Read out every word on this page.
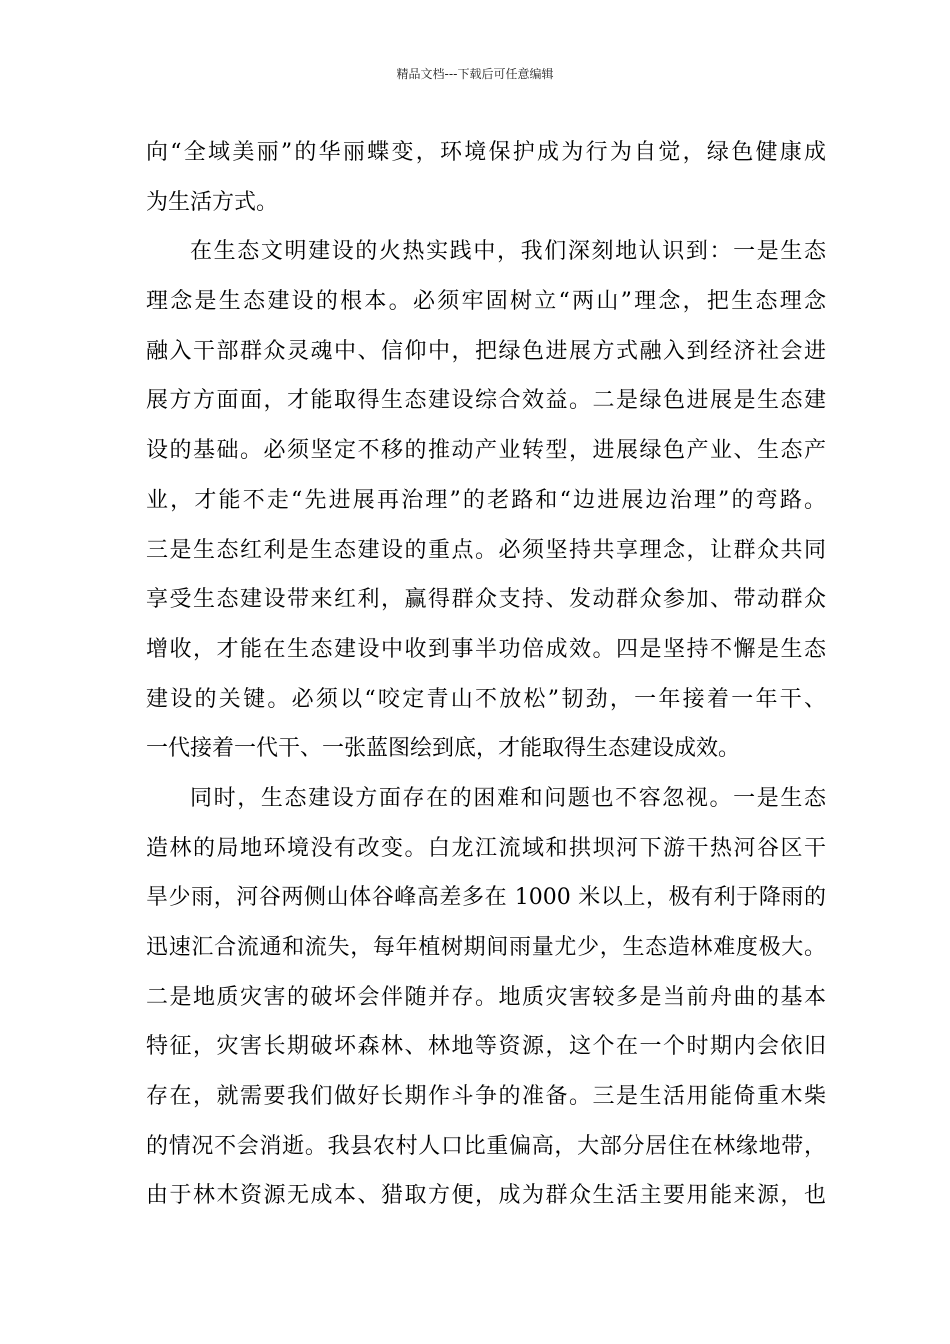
精品文档---下载后可任意编辑
向“全域美丽”的华丽蝶变，环境保护成为行为自觉，绿色健康成
为生活方式。
在生态文明建设的火热实践中，我们深刻地认识到：一是生态
理念是生态建设的根本。必须牢固树立“两山”理念，把生态理念
融入干部群众灵魂中、信仰中，把绿色进展方式融入到经济社会进
展方方面面，才能取得生态建设综合效益。二是绿色进展是生态建
设的基础。必须坚定不移的推动产业转型，进展绿色产业、生态产
业，才能不走“先进展再治理”的老路和“边进展边治理”的弯路。
三是生态红利是生态建设的重点。必须坚持共享理念，让群众共同
享受生态建设带来红利，赢得群众支持、发动群众参加、带动群众
增收，才能在生态建设中收到事半功倍成效。四是坚持不懈是生态
建设的关键。必须以“咬定青山不放松”韧劲，一年接着一年干、
一代接着一代干、一张蓝图绘到底，才能取得生态建设成效。
同时，生态建设方面存在的困难和问题也不容忽视。一是生态
造林的局地环境没有改变。白龙江流域和拱坝河下游干热河谷区干
旱少雨，河谷两侧山体谷峰高差多在 1000 米以上，极有利于降雨的
迅速汇合流通和流失，每年植树期间雨量尤少，生态造林难度极大。
二是地质灾害的破坏会伴随并存。地质灾害较多是当前舟曲的基本
特征，灾害长期破坏森林、林地等资源，这个在一个时期内会依旧
存在，就需要我们做好长期作斗争的准备。三是生活用能倚重木柴
的情况不会消逝。我县农村人口比重偏高，大部分居住在林缘地带，
由于林木资源无成本、猎取方便，成为群众生活主要用能来源，也
